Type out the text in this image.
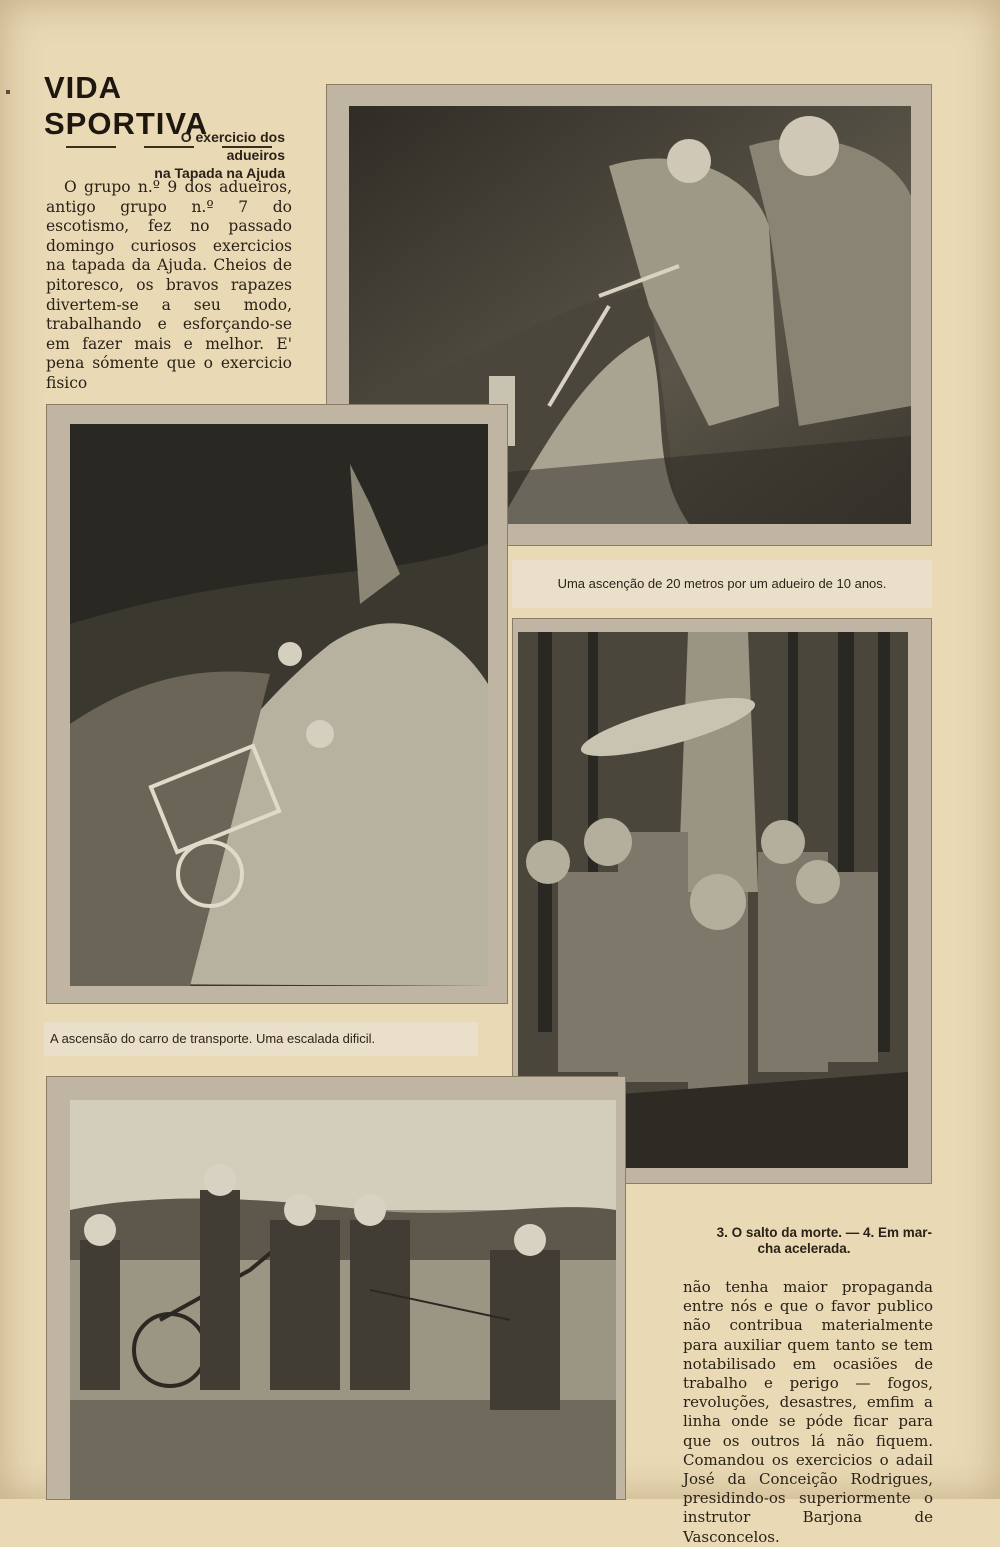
VIDA SPORTIVA
O exercicio dos adueiros
na Tapada na Ajuda

O grupo n.º 9 dos adueiros, antigo grupo n.º 7 do escotismo, fez no passado domingo curiosos exercicios na tapada da Ajuda. Cheios de pitoresco, os bravos rapazes divertem-se a seu modo, trabalhando e esforçando-se em fazer mais e melhor. E' pena sómente que o exercicio fisico

Uma ascenção de 20 metros por um adueiro de 10 anos.
A ascensão do carro de transporte. Uma escalada dificil.
3. O salto da morte. — 4. Em mar-
cha acelerada.

não tenha maior propaganda entre nós e que o favor publico não contribua materialmente para auxiliar quem tanto se tem notabilisado em ocasiões de trabalho e perigo — fogos, revoluções, desastres, emfim a linha onde se póde ficar para que os outros lá não fiquem. Comandou os exercicios o adail José da Conceição Rodrigues, presidindo-os superiormente o instrutor Barjona de Vasconcelos.
